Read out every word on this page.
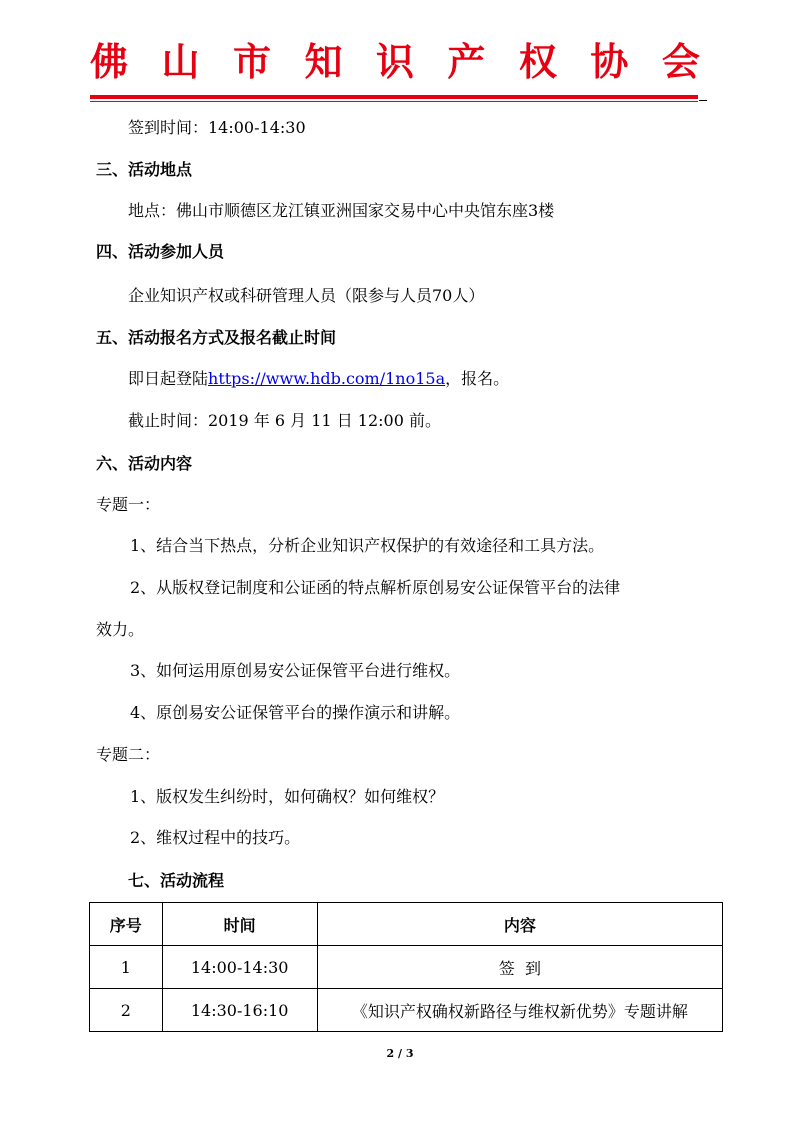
佛 山 市 知 识 产 权 协 会
签到时间：14:00-14:30
三、活动地点
地点：佛山市顺德区龙江镇亚洲国家交易中心中央馆东座3楼
四、活动参加人员
企业知识产权或科研管理人员（限参与人员70人）
五、活动报名方式及报名截止时间
即日起登陆https://www.hdb.com/1no15a，报名。
截止时间：2019 年 6 月 11 日 12:00 前。
六、活动内容
专题一：
1、结合当下热点，分析企业知识产权保护的有效途径和工具方法。
2、从版权登记制度和公证函的特点解析原创易安公证保管平台的法律
效力。
3、如何运用原创易安公证保管平台进行维权。
4、原创易安公证保管平台的操作演示和讲解。
专题二：
1、版权发生纠纷时，如何确权？如何维权？
2、维权过程中的技巧。
七、活动流程
序号	时间	内容
1	14:00-14:30	签  到
2	14:30-16:10	《知识产权确权新路径与维权新优势》专题讲解
2 / 3
